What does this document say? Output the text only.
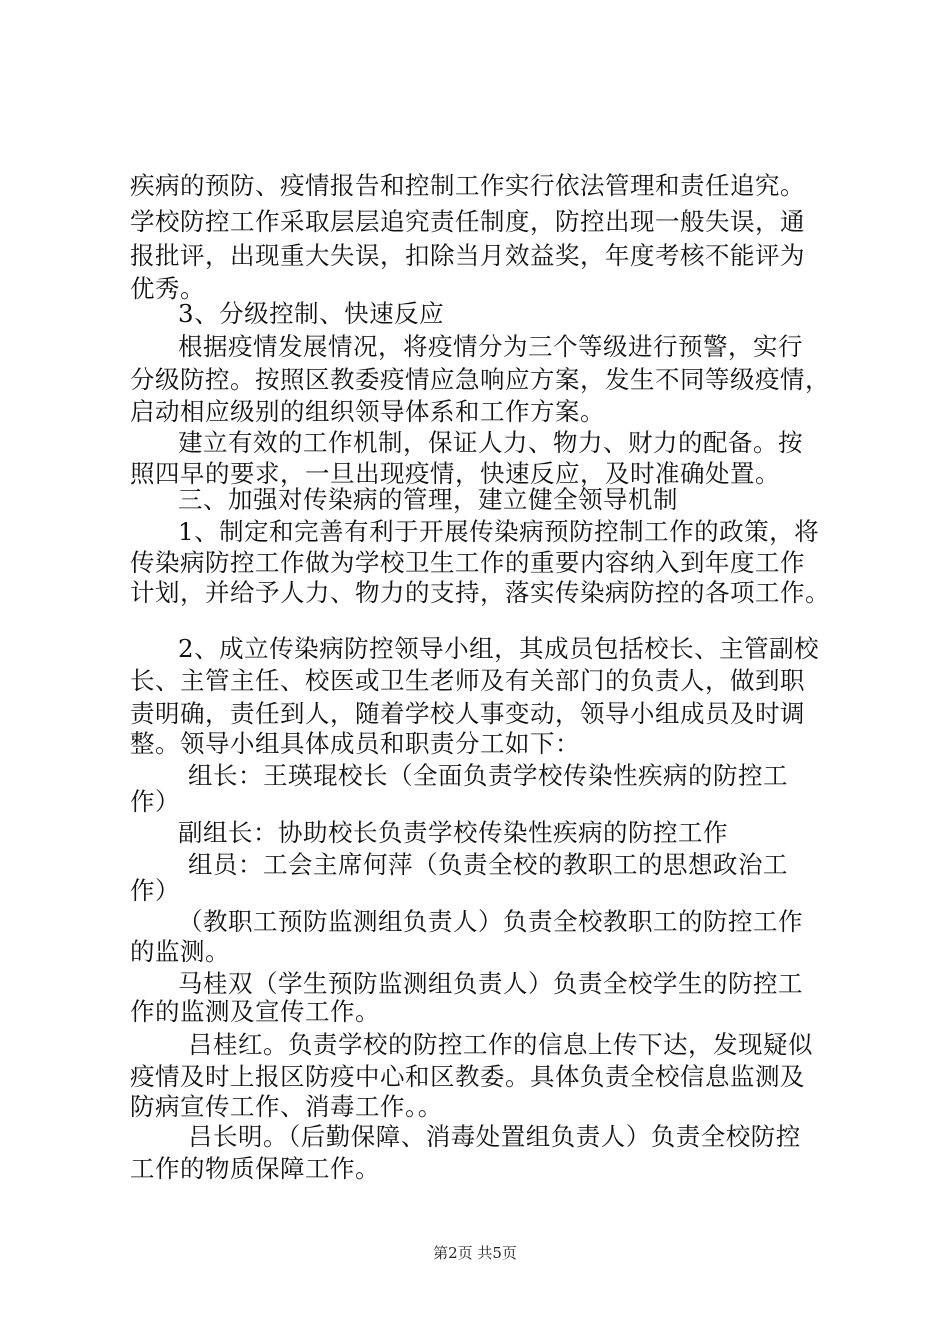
疾病的预防、疫情报告和控制工作实行依法管理和责任追究。

学校防控工作采取层层追究责任制度，防控出现一般失误，通

报批评，出现重大失误，扣除当月效益奖，年度考核不能评为

优秀。

3、分级控制、快速反应

根据疫情发展情况，将疫情分为三个等级进行预警，实行

分级防控。按照区教委疫情应急响应方案，发生不同等级疫情，

启动相应级别的组织领导体系和工作方案。

建立有效的工作机制，保证人力、物力、财力的配备。按

照四早的要求，一旦出现疫情，快速反应，及时准确处置。

三、加强对传染病的管理，建立健全领导机制

1、制定和完善有利于开展传染病预防控制工作的政策，将

传染病防控工作做为学校卫生工作的重要内容纳入到年度工作

计划，并给予人力、物力的支持，落实传染病防控的各项工作。

2、成立传染病防控领导小组，其成员包括校长、主管副校

长、主管主任、校医或卫生老师及有关部门的负责人，做到职

责明确，责任到人，随着学校人事变动，领导小组成员及时调

整。领导小组具体成员和职责分工如下：

组长：王瑛琨校长（全面负责学校传染性疾病的防控工

作）

副组长：协助校长负责学校传染性疾病的防控工作

组员：工会主席何萍（负责全校的教职工的思想政治工

作）

（教职工预防监测组负责人）负责全校教职工的防控工作

的监测。

马桂双（学生预防监测组负责人）负责全校学生的防控工

作的监测及宣传工作。

吕桂红。负责学校的防控工作的信息上传下达，发现疑似

疫情及时上报区防疫中心和区教委。具体负责全校信息监测及

防病宣传工作、消毒工作。。

吕长明。（后勤保障、消毒处置组负责人）负责全校防控

工作的物质保障工作。

第2页 共5页
